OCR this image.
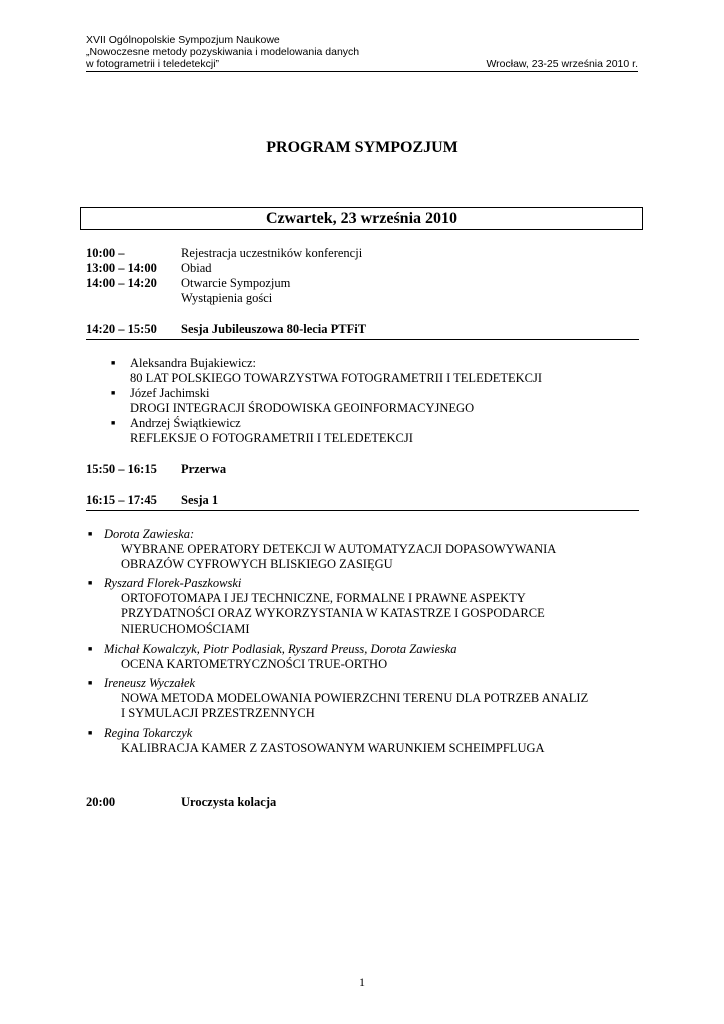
XVII Ogólnopolskie Sympozjum Naukowe
„Nowoczesne metody pozyskiwania i modelowania danych
w fotogrametrii i teledetekcji”	Wrocław, 23-25 września 2010 r.
PROGRAM SYMPOZJUM
Czwartek, 23 września 2010
10:00 –	Rejestracja uczestników konferencji
13:00 – 14:00 Obiad
14:00 – 14:20 Otwarcie Sympozjum
Wystąpienia gości
14:20 – 15:50 Sesja Jubileuszowa 80-lecia PTFiT
■ Aleksandra Bujakiewicz:
80 LAT POLSKIEGO TOWARZYSTWA FOTOGRAMETRII I TELEDETEKCJI
■ Józef Jachimski
DROGI INTEGRACJI ŚRODOWISKA GEOINFORMACYJNEGO
■ Andrzej Świątkiewicz
REFLEKSJE O FOTOGRAMETRII I TELEDETEKCJI
15:50 – 16:15 Przerwa
16:15 – 17:45 Sesja 1
■ Dorota Zawieska:
WYBRANE OPERATORY DETEKCJI W AUTOMATYZACJI DOPASOWYWANIA
OBRAZÓW CYFROWYCH BLISKIEGO ZASIĘGU
■ Ryszard Florek-Paszkowski
ORTOFOTOMAPA I JEJ TECHNICZNE, FORMALNE I PRAWNE ASPEKTY
PRZYDATNOŚCI ORAZ WYKORZYSTANIA W KATASTRZE I GOSPODARCE
NIERUCHOMOŚCIAMI
■ Michał Kowalczyk, Piotr Podlasiak, Ryszard Preuss, Dorota Zawieska
OCENA KARTOMETRYCZNOŚCI TRUE-ORTHO
■ Ireneusz Wyczałek
NOWA METODA MODELOWANIA POWIERZCHNI TERENU DLA POTRZEB ANALIZ
I SYMULACJI PRZESTRZENNYCH
■ Regina Tokarczyk
KALIBRACJA KAMER Z ZASTOSOWANYM WARUNKIEM SCHEIMPFLUGA
20:00	Uroczysta kolacja
1
